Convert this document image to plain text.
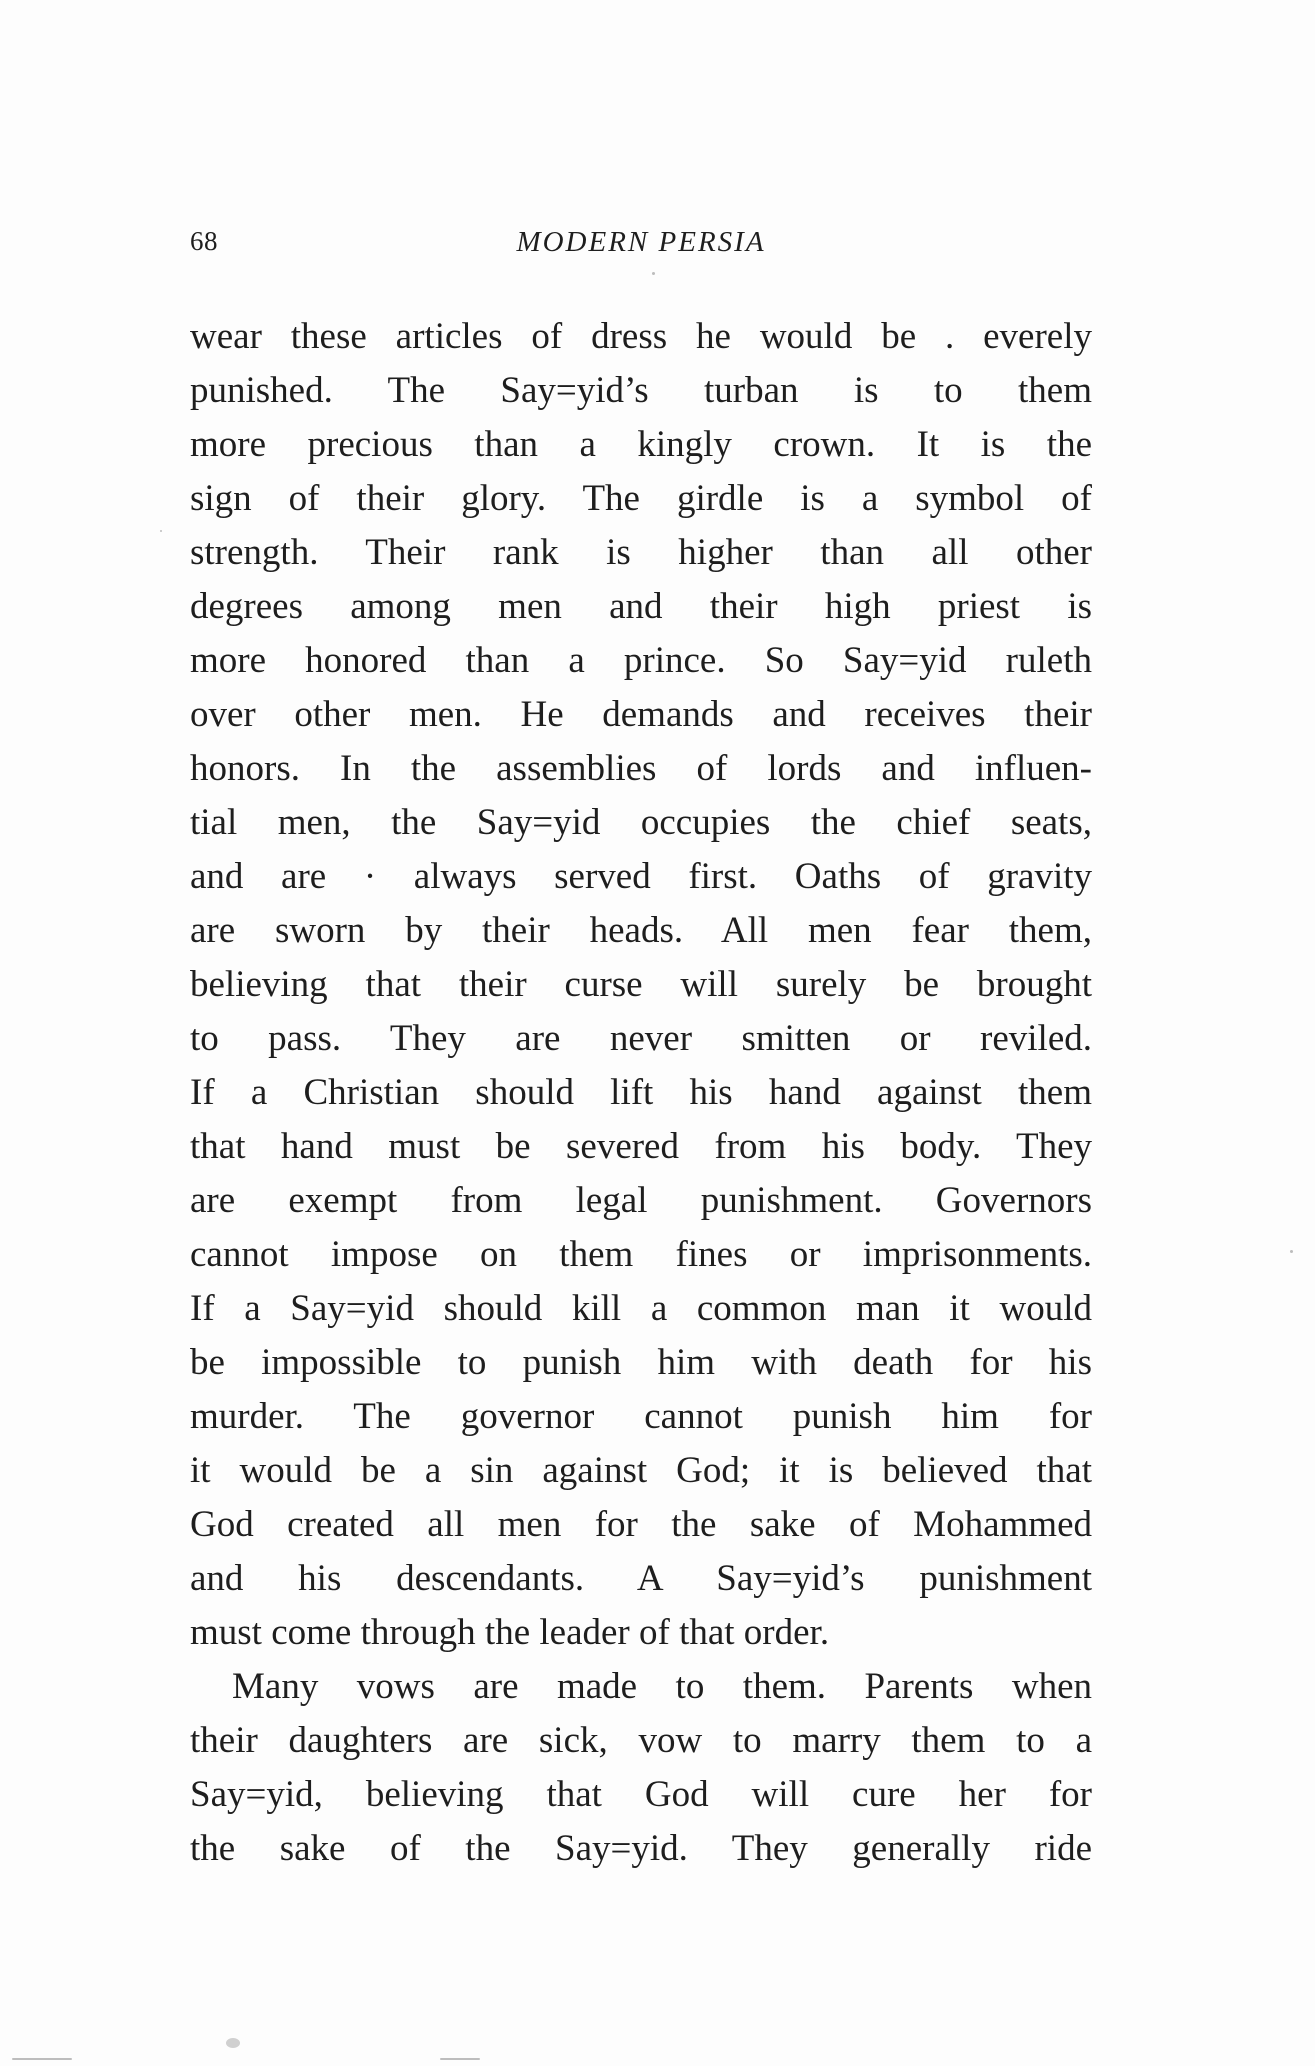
68	MODERN PERSIA
wear these articles of dress he would be . everely
punished. The Say=yid’s turban is to them
more precious than a kingly crown. It is the
sign of their glory. The girdle is a symbol of
strength. Their rank is higher than all other
degrees among men and their high priest is
more honored than a prince. So Say=yid ruleth
over other men. He demands and receives their
honors. In the assemblies of lords and influen-
tial men, the Say=yid occupies the chief seats,
and are · always served first. Oaths of gravity
are sworn by their heads. All men fear them,
believing that their curse will surely be brought
to pass. They are never smitten or reviled.
If a Christian should lift his hand against them
that hand must be severed from his body. They
are exempt from legal punishment. Governors
cannot impose on them fines or imprisonments.
If a Say=yid should kill a common man it would
be impossible to punish him with death for his
murder. The governor cannot punish him for
it would be a sin against God; it is believed that
God created all men for the sake of Mohammed
and his descendants. A Say=yid’s punishment
must come through the leader of that order.
Many vows are made to them. Parents when
their daughters are sick, vow to marry them to a
Say=yid, believing that God will cure her for
the sake of the Say=yid. They generally ride
